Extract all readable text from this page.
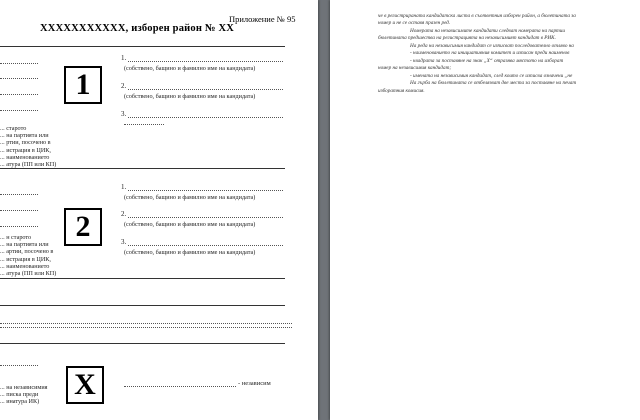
XXXXXXXXXXX, изборен район № XX
Приложение № 95
... старото
... на партията или
... ртии, посочено в
... истрация в ЦИК,
... наименованието
... атура (ПП или КП)
1
1.
(собствено, бащино и фамилно име на кандидата)
2.
(собствено, бащино и фамилно име на кандидата)
3.
... н старото
... на партията или
... артии, посочено в
... истрация в ЦИК,
... наименованието
... атура (ПП или КП)
2
1.
(собствено, бащино и фамилно име на кандидата)
2.
(собствено, бащино и фамилно име на кандидата)
3.
(собствено, бащино и фамилно име на кандидата)
... на независимия
... писка преди
... инатура ИК)
X	- независим
че в регистрираната кандидатска листа в съответния изборен район, а бюлетината за
номер и не се оставя празен ред.
Номерата на независимите кандидати следват номерата на партии
бюлетината предшества на регистрацията на независимият кандидат в РИК.
На реда на независимия кандидат се изписват последователно отляво на
- наименованието на инициативния комитет и изписан преди наименов
- квадрата за поставяне на знак „Х“ отразявa мястото на изборат
номер на независимия кандидат;
- имената на независимия кандидат, след които се изписва означени „не
На гърба на бюлетината се отбелязват две места за поставяне на печат
изборатния комисия.
